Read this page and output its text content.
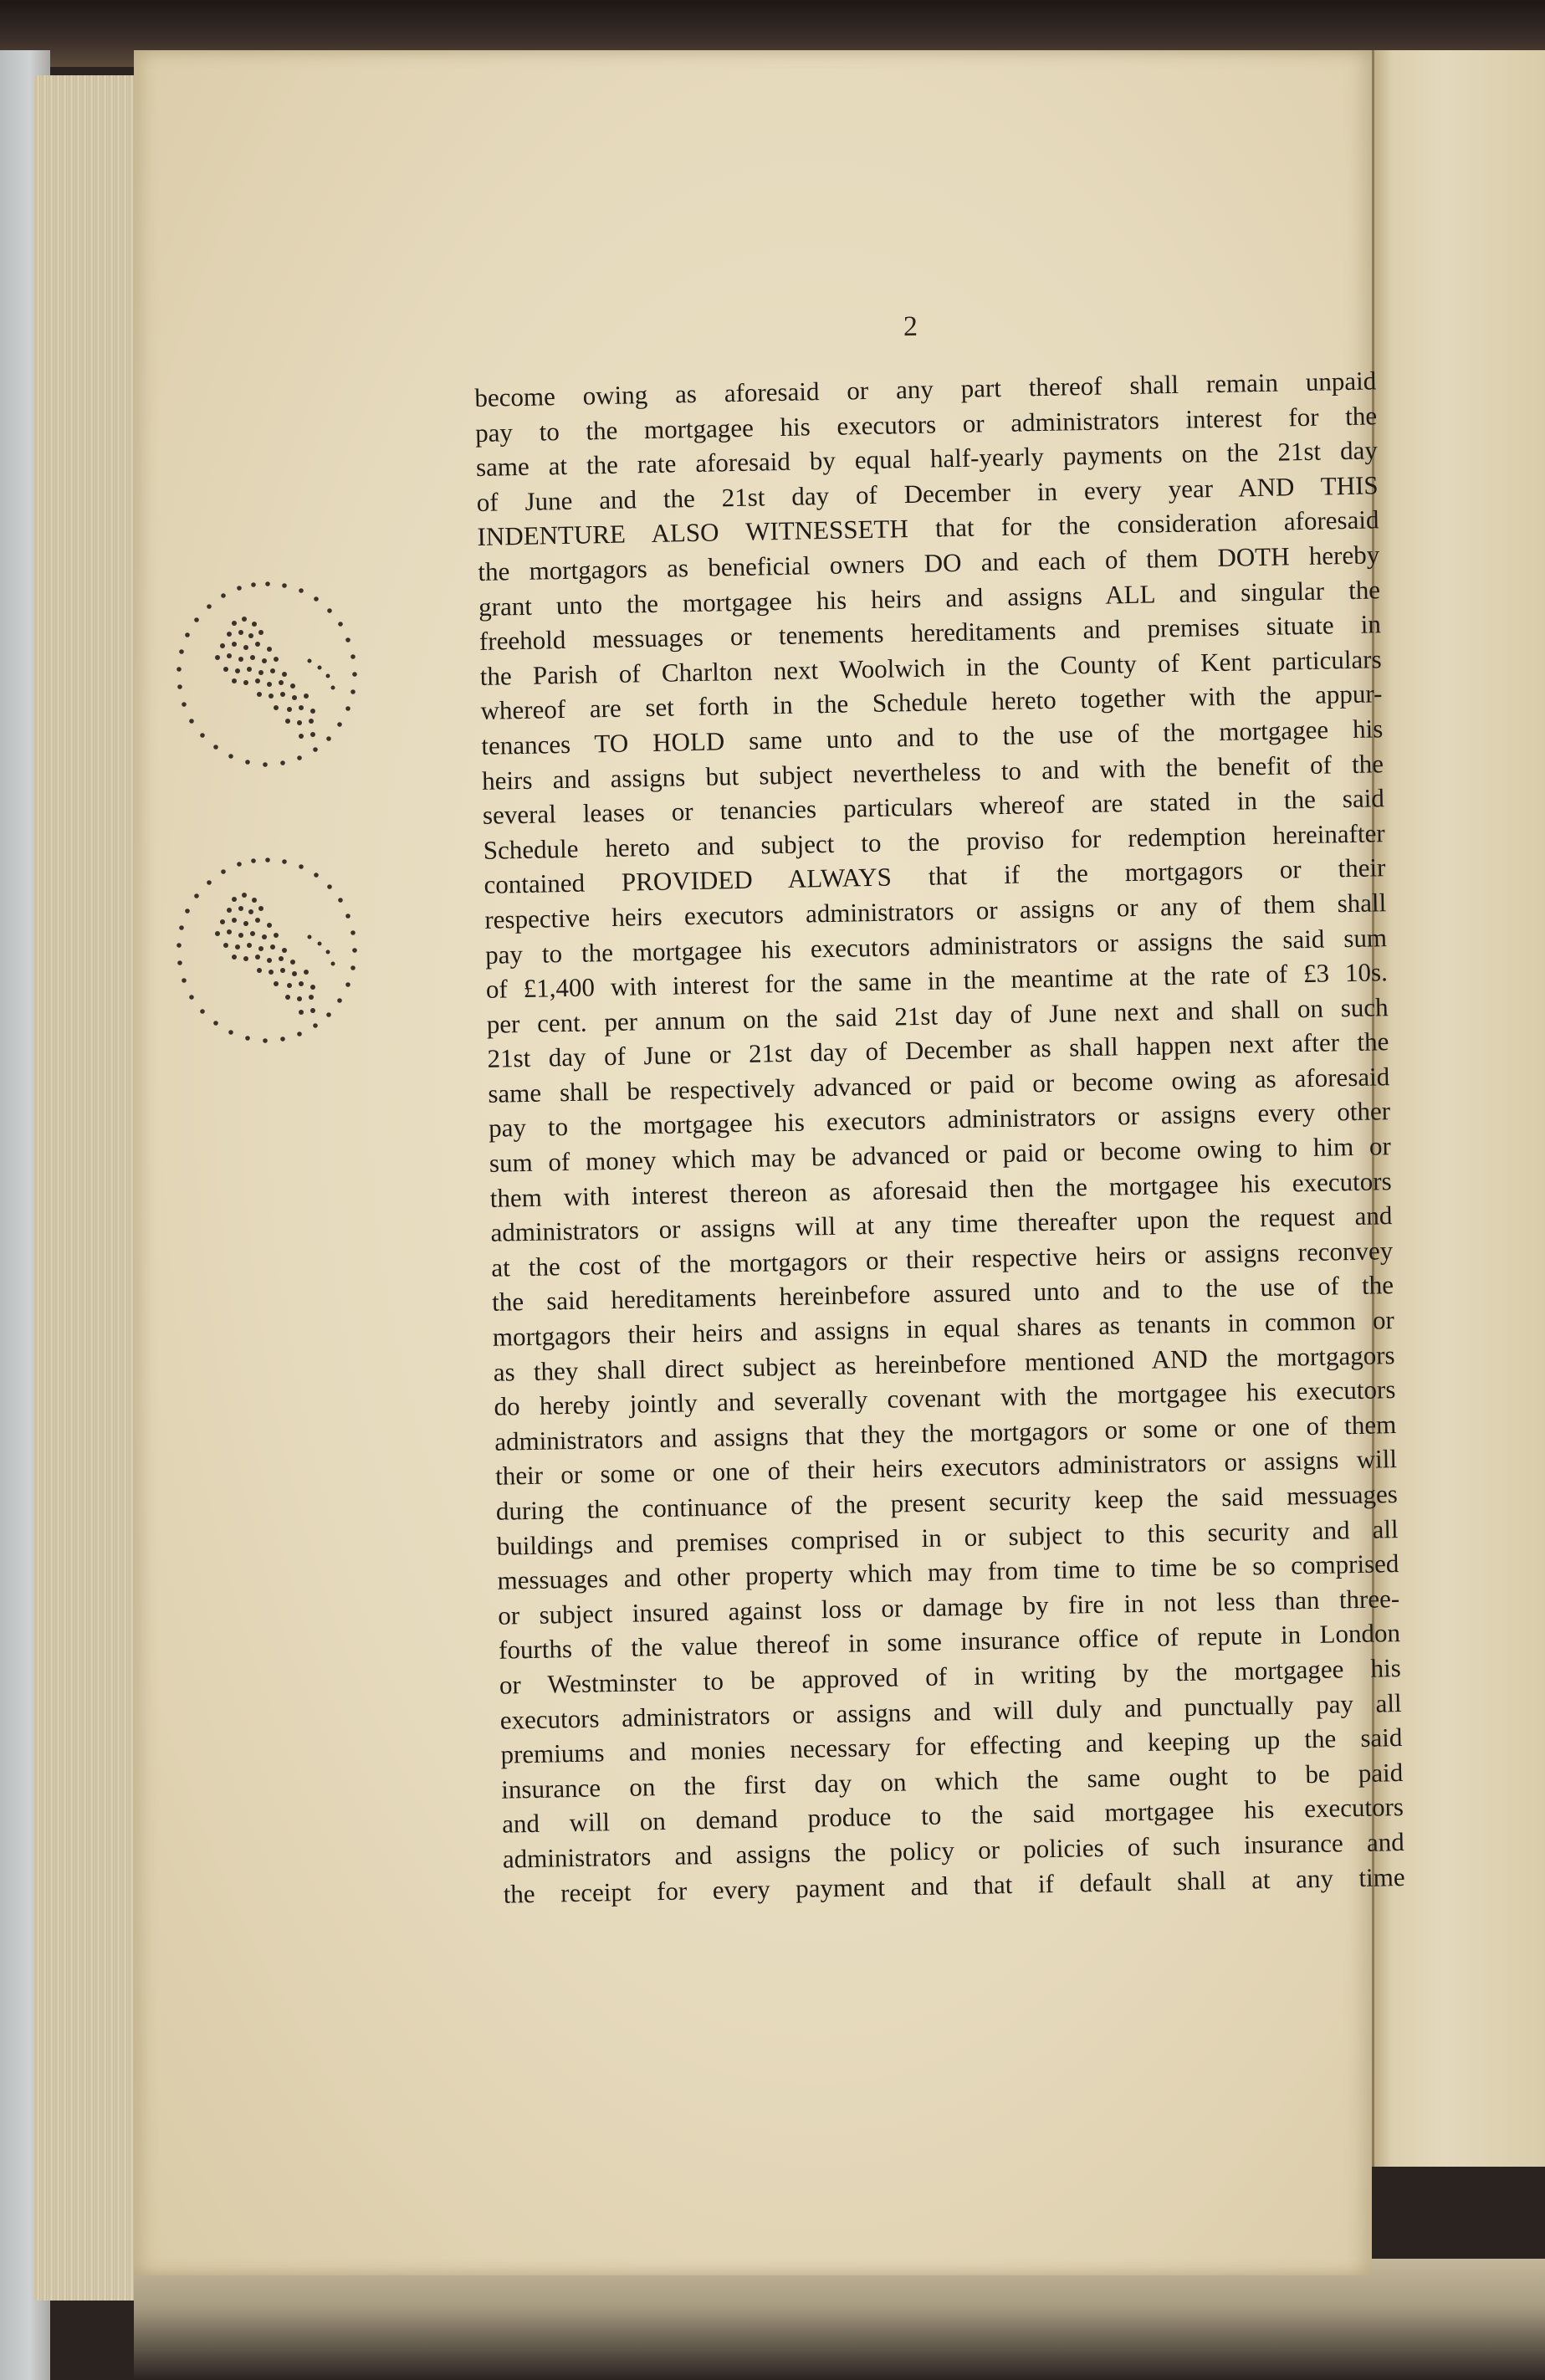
2
become owing as aforesaid or any part thereof shall remain unpaid
pay to the mortgagee his executors or administrators interest for the
same at the rate aforesaid by equal half-yearly payments on the 21st day
of June and the 21st day of December in every year AND THIS
INDENTURE ALSO WITNESSETH that for the consideration aforesaid
the mortgagors as beneficial owners DO and each of them DOTH hereby
grant unto the mortgagee his heirs and assigns ALL and singular the
freehold messuages or tenements hereditaments and premises situate in
the Parish of Charlton next Woolwich in the County of Kent particulars
whereof are set forth in the Schedule hereto together with the appur-
tenances TO HOLD same unto and to the use of the mortgagee his
heirs and assigns but subject nevertheless to and with the benefit of the
several leases or tenancies particulars whereof are stated in the said
Schedule hereto and subject to the proviso for redemption hereinafter
contained PROVIDED ALWAYS that if the mortgagors or their
respective heirs executors administrators or assigns or any of them shall
pay to the mortgagee his executors administrators or assigns the said sum
of £1,400 with interest for the same in the meantime at the rate of £3 10s.
per cent. per annum on the said 21st day of June next and shall on such
21st day of June or 21st day of December as shall happen next after the
same shall be respectively advanced or paid or become owing as aforesaid
pay to the mortgagee his executors administrators or assigns every other
sum of money which may be advanced or paid or become owing to him or
them with interest thereon as aforesaid then the mortgagee his executors
administrators or assigns will at any time thereafter upon the request and
at the cost of the mortgagors or their respective heirs or assigns reconvey
the said hereditaments hereinbefore assured unto and to the use of the
mortgagors their heirs and assigns in equal shares as tenants in common or
as they shall direct subject as hereinbefore mentioned AND the mortgagors
do hereby jointly and severally covenant with the mortgagee his executors
administrators and assigns that they the mortgagors or some or one of them
their or some or one of their heirs executors administrators or assigns will
during the continuance of the present security keep the said messuages
buildings and premises comprised in or subject to this security and all
messuages and other property which may from time to time be so comprised
or subject insured against loss or damage by fire in not less than three-
fourths of the value thereof in some insurance office of repute in London
or Westminster to be approved of in writing by the mortgagee his
executors administrators or assigns and will duly and punctually pay all
premiums and monies necessary for effecting and keeping up the said
insurance on the first day on which the same ought to be paid
and will on demand produce to the said mortgagee his executors
administrators and assigns the policy or policies of such insurance and
the receipt for every payment and that if default shall at any time
